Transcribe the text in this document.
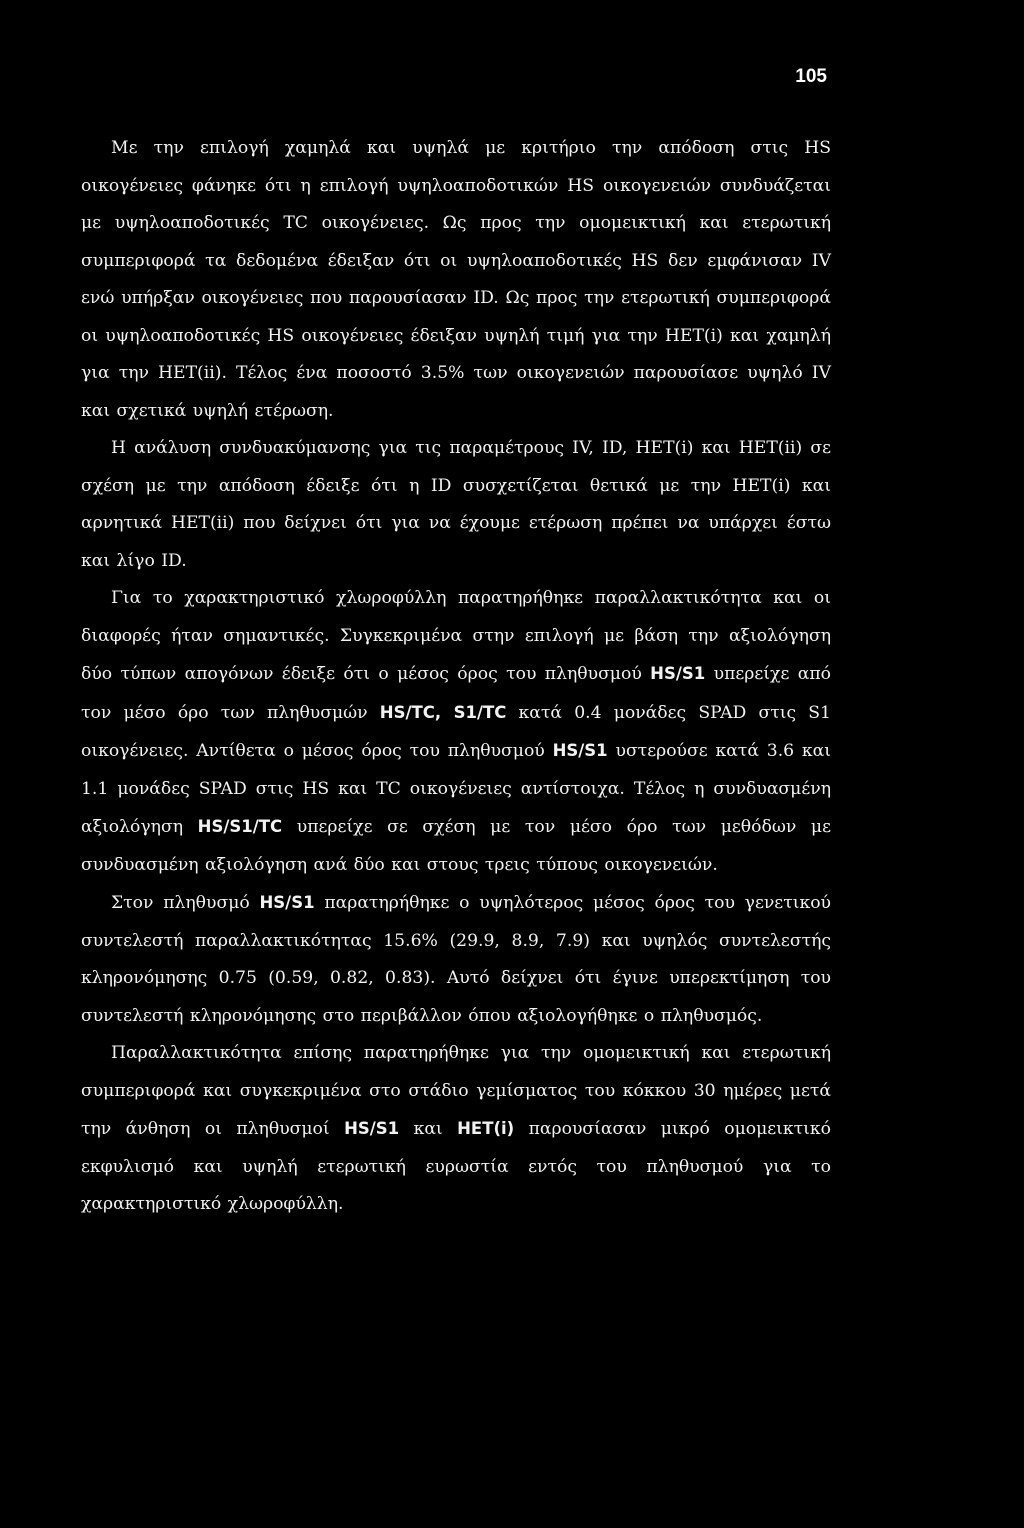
105

Με την επιλογή χαμηλά και υψηλά με κριτήριο την απόδοση στις HS οικογένειες φάνηκε ότι η επιλογή υψηλοαποδοτικών HS οικογενειών συνδυάζεται με υψηλοαποδοτικές TC οικογένειες. Ως προς την ομομεικτική και ετερωτική συμπεριφορά τα δεδομένα έδειξαν ότι οι υψηλοαποδοτικές HS δεν εμφάνισαν IV ενώ υπήρξαν οικογένειες που παρουσίασαν ID. Ως προς την ετερωτική συμπεριφορά οι υψηλοαποδοτικές HS οικογένειες έδειξαν υψηλή τιμή για την HET(i) και χαμηλή για την HET(ii). Τέλος ένα ποσοστό 3.5% των οικογενειών παρουσίασε υψηλό IV και σχετικά υψηλή ετέρωση.

Η ανάλυση συνδυακύμανσης για τις παραμέτρους IV, ID, HET(i) και HET(ii) σε σχέση με την απόδοση έδειξε ότι η ID συσχετίζεται θετικά με την HET(i) και αρνητικά HET(ii) που δείχνει ότι για να έχουμε ετέρωση πρέπει να υπάρχει έστω και λίγο ID.

Για το χαρακτηριστικό χλωροφύλλη παρατηρήθηκε παραλλακτικότητα και οι διαφορές ήταν σημαντικές. Συγκεκριμένα στην επιλογή με βάση την αξιολόγηση δύο τύπων απογόνων έδειξε ότι ο μέσος όρος του πληθυσμού HS/S1 υπερείχε από τον μέσο όρο των πληθυσμών HS/TC, S1/TC κατά 0.4 μονάδες SPAD στις S1 οικογένειες. Αντίθετα ο μέσος όρος του πληθυσμού HS/S1 υστερούσε κατά 3.6 και 1.1 μονάδες SPAD στις HS και TC οικογένειες αντίστοιχα. Τέλος η συνδυασμένη αξιολόγηση HS/S1/TC υπερείχε σε σχέση με τον μέσο όρο των μεθόδων με συνδυασμένη αξιολόγηση ανά δύο και στους τρεις τύπους οικογενειών.

Στον πληθυσμό HS/S1 παρατηρήθηκε ο υψηλότερος μέσος όρος του γενετικού συντελεστή παραλλακτικότητας 15.6% (29.9, 8.9, 7.9) και υψηλός συντελεστής κληρονόμησης 0.75 (0.59, 0.82, 0.83). Αυτό δείχνει ότι έγινε υπερεκτίμηση του συντελεστή κληρονόμησης στο περιβάλλον όπου αξιολογήθηκε ο πληθυσμός.

Παραλλακτικότητα επίσης παρατηρήθηκε για την ομομεικτική και ετερωτική συμπεριφορά και συγκεκριμένα στο στάδιο γεμίσματος του κόκκου 30 ημέρες μετά την άνθηση οι πληθυσμοί HS/S1 και HET(i) παρουσίασαν μικρό ομομεικτικό εκφυλισμό και υψηλή ετερωτική ευρωστία εντός του πληθυσμού για το χαρακτηριστικό χλωροφύλλη.
